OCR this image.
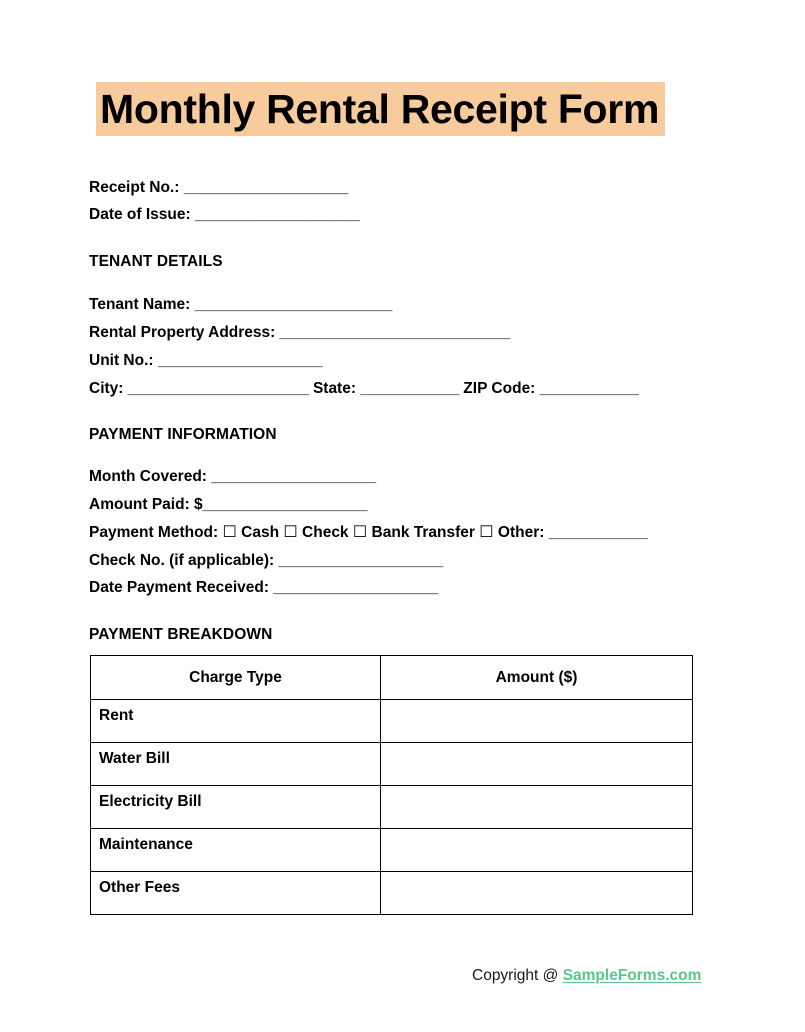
Monthly Rental Receipt Form
Receipt No.: ____________________
Date of Issue: ____________________
TENANT DETAILS
Tenant Name: ________________________
Rental Property Address: ____________________________
Unit No.: ____________________
City: ______________________ State: ____________ ZIP Code: ____________
PAYMENT INFORMATION
Month Covered: ____________________
Amount Paid: $____________________
Payment Method: ☐ Cash ☐ Check ☐ Bank Transfer ☐ Other: ____________
Check No. (if applicable): ____________________
Date Payment Received: ____________________
PAYMENT BREAKDOWN
Charge Type	Amount ($)
Rent	
Water Bill	
Electricity Bill	
Maintenance	
Other Fees	
Copyright @ SampleForms.com
